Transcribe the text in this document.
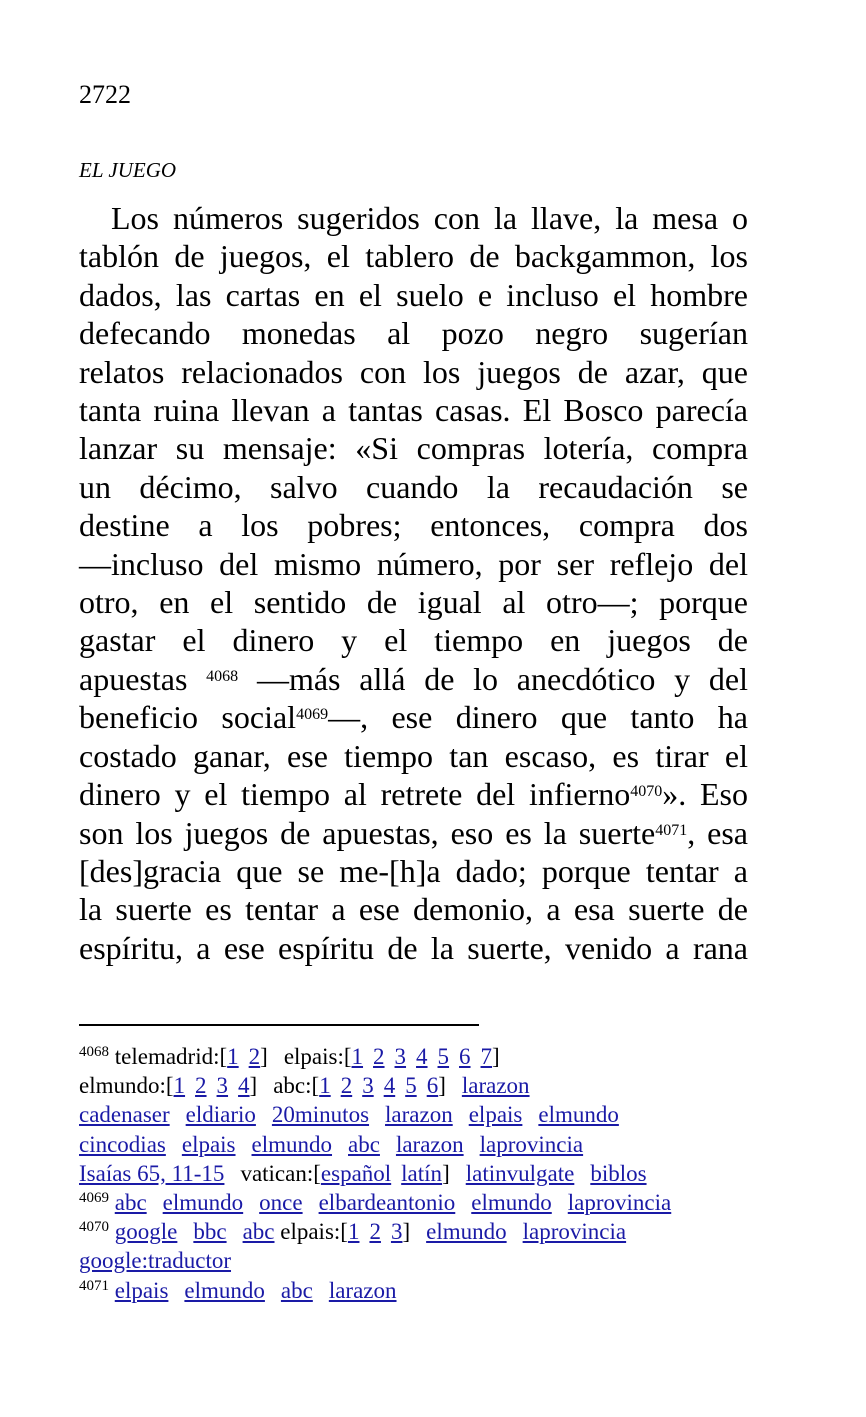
2722
EL JUEGO
Los números sugeridos con la llave, la mesa o
tablón de juegos, el tablero de backgammon, los
dados, las cartas en el suelo e incluso el hombre
defecando monedas al pozo negro sugerían
relatos relacionados con los juegos de azar, que
tanta ruina llevan a tantas casas. El Bosco parecía
lanzar su mensaje: «Si compras lotería, compra
un décimo, salvo cuando la recaudación se
destine a los pobres; entonces, compra dos
—incluso del mismo número, por ser reflejo del
otro, en el sentido de igual al otro—; porque
gastar el dinero y el tiempo en juegos de
apuestas $^{4068}$ —más allá de lo anecdótico y del
beneficio social$^{4069}$—, ese dinero que tanto ha
costado ganar, ese tiempo tan escaso, es tirar el
dinero y el tiempo al retrete del infierno$^{4070}$». Eso
son los juegos de apuestas, eso es la suerte$^{4071}$, esa
[des]gracia que se me-[h]a dado; porque tentar a
la suerte es tentar a ese demonio, a esa suerte de
espíritu, a ese espíritu de la suerte, venido a rana
$^{4068}$ telemadrid:[1 2] elpais:[1 2 3 4 5 6 7]
elmundo:[1 2 3 4] abc:[1 2 3 4 5 6] larazon
cadenaser eldiario 20minutos larazon elpais elmundo
cincodias elpais elmundo abc larazon laprovincia
Isaías 65, 11-15 vatican:[español latín] latinvulgate biblos
$^{4069}$ abc elmundo once elbardeantonio elmundo laprovincia
$^{4070}$ google bbc abc elpais:[1 2 3] elmundo laprovincia
google:traductor
$^{4071}$ elpais elmundo abc larazon
